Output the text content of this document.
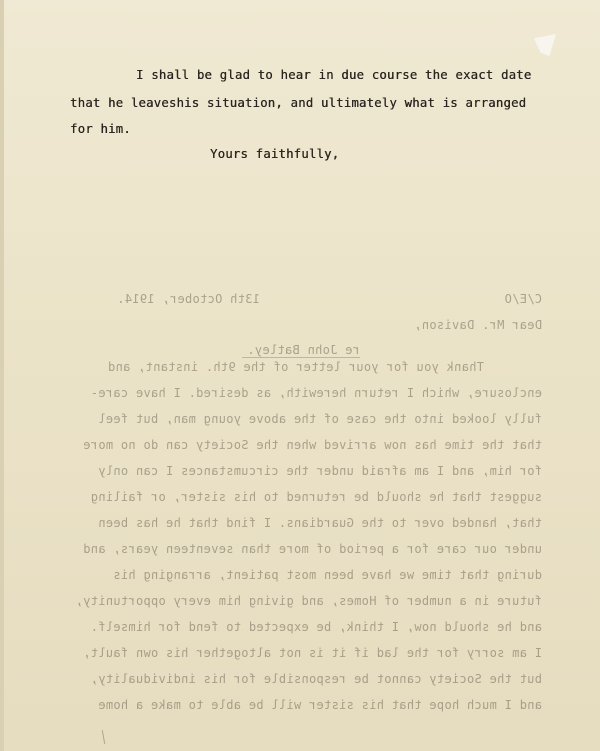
C/E/O
13th October, 1914.
Dear Mr. Davison,
re John Batley.
Thank you for your letter of the 9th. instant, and
enclosure, which I return herewith, as desired. I have care-
fully looked into the case of the above young man, but feel
that the time has now arrived when the Society can do no more
for him, and I am afraid under the circumstances I can only
suggest that he should be returned to his sister, or failing
that, handed over to the Guardians. I find that he has been
under our care for a period of more than seventeen years, and
during that time we have been most patient, arranging his
future in a number of Homes, and giving him every opportunity,
and he should now, I think, be expected to fend for himself.
I am sorry for the lad if it is not altogether his own fault,
but the Society cannot be responsible for his individuality,
and I much hope that his sister will be able to make a home
I shall be glad to hear in due course the exact date
that he leaveshis situation, and ultimately what is arranged
for him.
Yours faithfully,
